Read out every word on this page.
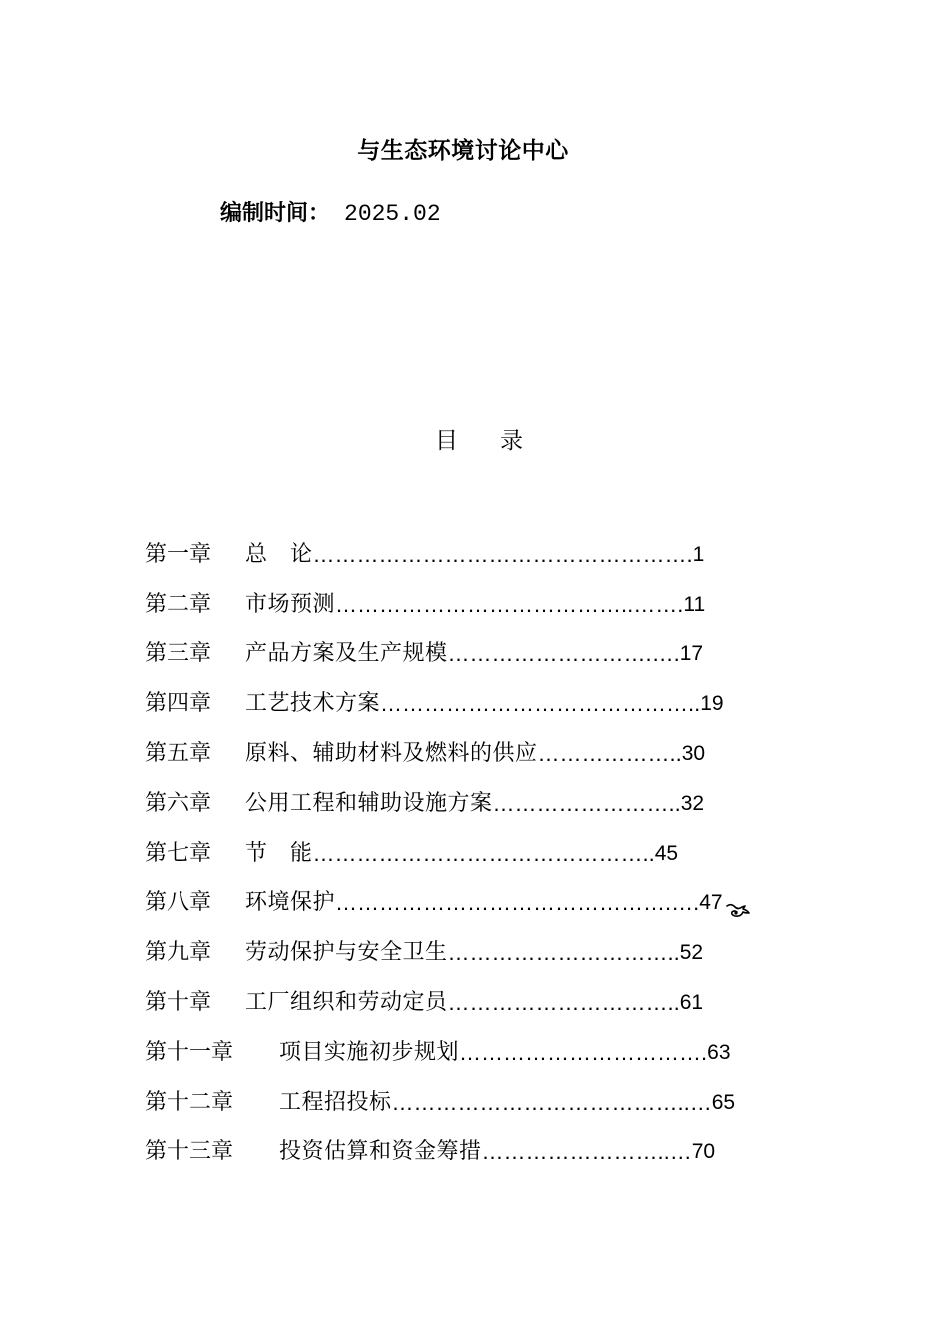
与生态环境讨论中心
编制时间： 2025.02
目 录
第一章	总　论 ……………………………………………. 1
第二章	市场预测 …………………………………..……. 11
第三章	产品方案及生产规模 ……………………….…. 17
第四章	工艺技术方案 …………………………………….. 19
第五章	原料、辅助材料及燃料的供应 ……………….. 30
第六章	公用工程和辅助设施方案 …………………….. 32
第七章	节　能 ……………………………………….. 45
第八章	环境保护 ……………………………………….…. 47
第九章	劳动保护与安全卫生 ………………………….. 52
第十章	工厂组织和劳动定员 ………………………….. 61
第十一章	项目实施初步规划 ……………………………. 63
第十二章	工程招投标 …………………………………..… 65
第十三章	投资估算和资金筹措 ……………………..… 70
